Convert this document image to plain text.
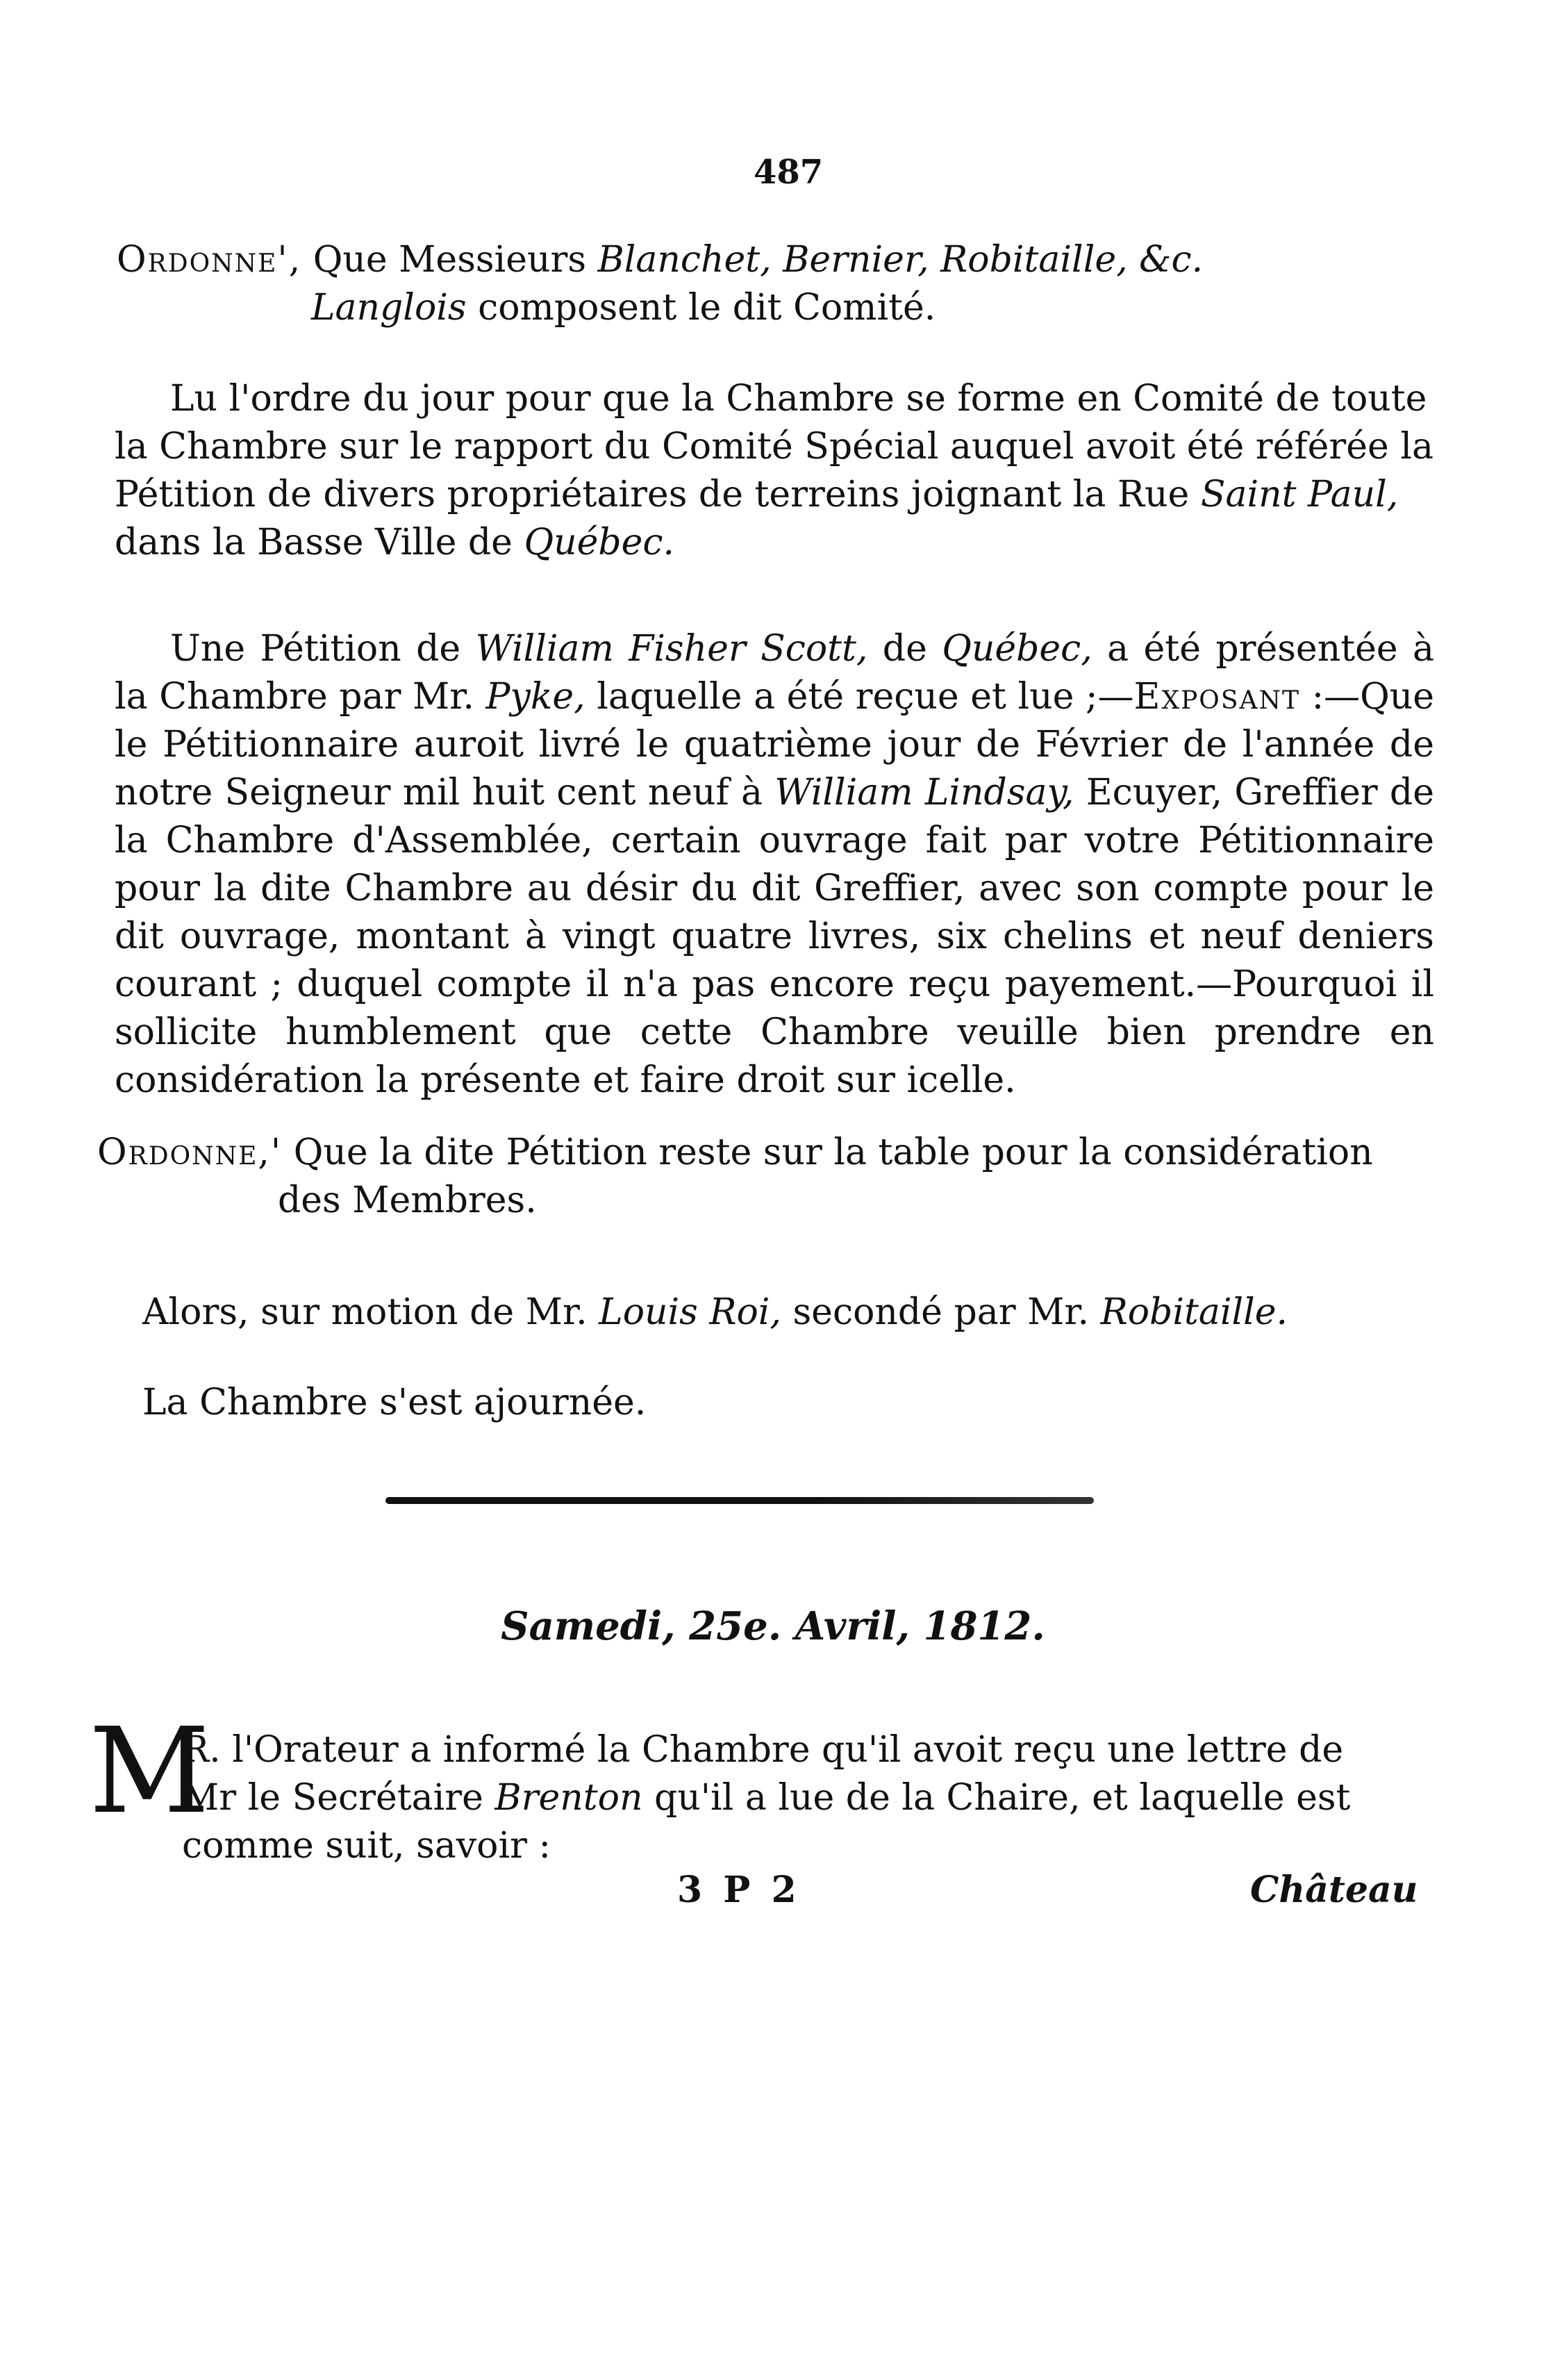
487

Ordonne', Que Messieurs Blanchet, Bernier, Robitaille, &c.

Langlois composent le dit Comité.

Lu l'ordre du jour pour que la Chambre se forme en Comité de toute la Chambre sur le rapport du Comité Spécial auquel avoit été référée la Pétition de divers propriétaires de terreins joignant la Rue Saint Paul, dans la Basse Ville de Québec.

Une Pétition de William Fisher Scott, de Québec, a été présentée à la Chambre par Mr. Pyke, laquelle a été reçue et lue ;—Exposant :—Que le Pétitionnaire auroit livré le quatrième jour de Février de l'année de notre Seigneur mil huit cent neuf à William Lindsay, Ecuyer, Greffier de la Chambre d'Assemblée, certain ouvrage fait par votre Pétitionnaire pour la dite Chambre au désir du dit Greffier, avec son compte pour le dit ouvrage, montant à vingt quatre livres, six chelins et neuf deniers courant ; duquel compte il n'a pas encore reçu payement.—Pourquoi il sollicite humblement que cette Chambre veuille bien prendre en considération la présente et faire droit sur icelle.

Ordonne,' Que la dite Pétition reste sur la table pour la considération des Membres.

Alors, sur motion de Mr. Louis Roi, secondé par Mr. Robitaille.

La Chambre s'est ajournée.

Samedi, 25e. Avril, 1812.
M

R. l'Orateur a informé la Chambre qu'il avoit reçu une lettre de Mr le Secrétaire Brenton qu'il a lue de la Chaire, et laquelle est comme suit, savoir :

3 P 2	Château
